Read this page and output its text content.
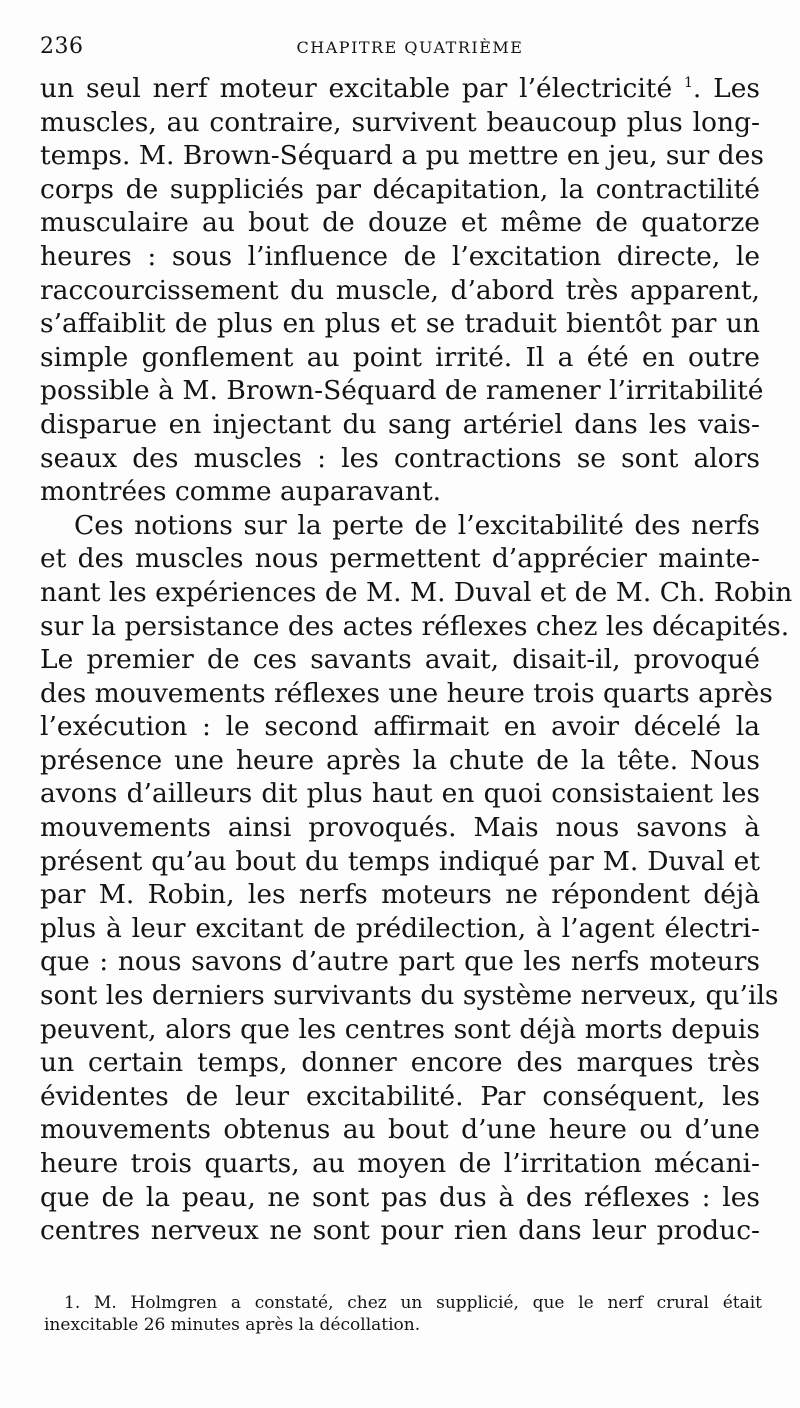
236	CHAPITRE QUATRIÈME
un seul nerf moteur excitable par l’électricité $^1$. Les
muscles, au contraire, survivent beaucoup plus long-
temps. M. Brown-Séquard a pu mettre en jeu, sur des
corps de suppliciés par décapitation, la contractilité
musculaire au bout de douze et même de quatorze
heures : sous l’influence de l’excitation directe, le
raccourcissement du muscle, d’abord très apparent,
s’affaiblit de plus en plus et se traduit bientôt par un
simple gonflement au point irrité. Il a été en outre
possible à M. Brown-Séquard de ramener l’irritabilité
disparue en injectant du sang artériel dans les vais-
seaux des muscles : les contractions se sont alors
montrées comme auparavant.
Ces notions sur la perte de l’excitabilité des nerfs
et des muscles nous permettent d’apprécier mainte-
nant les expériences de M. M. Duval et de M. Ch. Robin
sur la persistance des actes réflexes chez les décapités.
Le premier de ces savants avait, disait-il, provoqué
des mouvements réflexes une heure trois quarts après
l’exécution : le second affirmait en avoir décelé la
présence une heure après la chute de la tête. Nous
avons d’ailleurs dit plus haut en quoi consistaient les
mouvements ainsi provoqués. Mais nous savons à
présent qu’au bout du temps indiqué par M. Duval et
par M. Robin, les nerfs moteurs ne répondent déjà
plus à leur excitant de prédilection, à l’agent électri-
que : nous savons d’autre part que les nerfs moteurs
sont les derniers survivants du système nerveux, qu’ils
peuvent, alors que les centres sont déjà morts depuis
un certain temps, donner encore des marques très
évidentes de leur excitabilité. Par conséquent, les
mouvements obtenus au bout d’une heure ou d’une
heure trois quarts, au moyen de l’irritation mécani-
que de la peau, ne sont pas dus à des réflexes : les
centres nerveux ne sont pour rien dans leur produc-
1. M. Holmgren a constaté, chez un supplicié, que le nerf crural était
inexcitable 26 minutes après la décollation.
